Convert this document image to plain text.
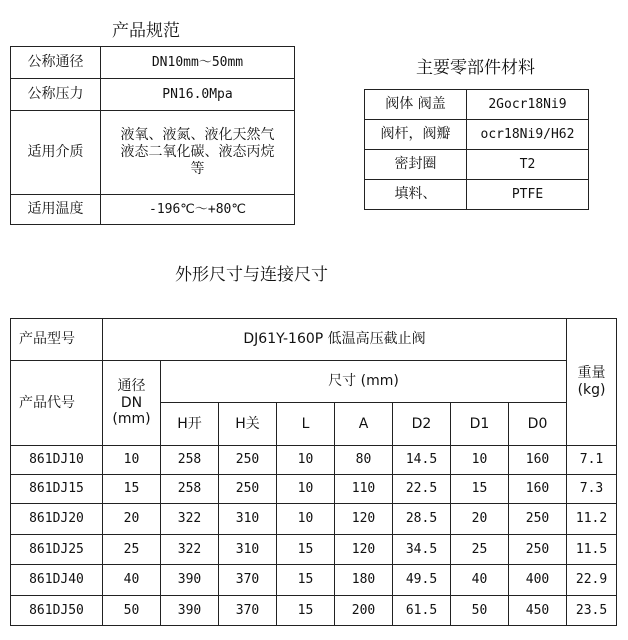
产品规范
公称通径	DN10mm～50mm
公称压力	PN16.0Mpa
适用介质	液氧、液氮、液化天然气
液态二氧化碳、液态丙烷
等

适用温度	-196℃～+80℃
主要零部件材料
阀体 阀盖	2Gocr18Ni9
阀杆，阀瓣	ocr18Ni9/H62
密封圈	T2
填料、	PTFE
外形尺寸与连接尺寸
产品型号	DJ61Y-160P 低温高压截止阀								重量
(kg)

产品代号	通径
DN
(mm)	尺寸 (mm)							
		H开	H关	L	A	D2	D1	D0	
861DJ10	10	258	250	10	80	14.5	10	160	7.1
861DJ15	15	258	250	10	110	22.5	15	160	7.3
861DJ20	20	322	310	10	120	28.5	20	250	11.2
861DJ25	25	322	310	15	120	34.5	25	250	11.5
861DJ40	40	390	370	15	180	49.5	40	400	22.9
861DJ50	50	390	370	15	200	61.5	50	450	23.5
